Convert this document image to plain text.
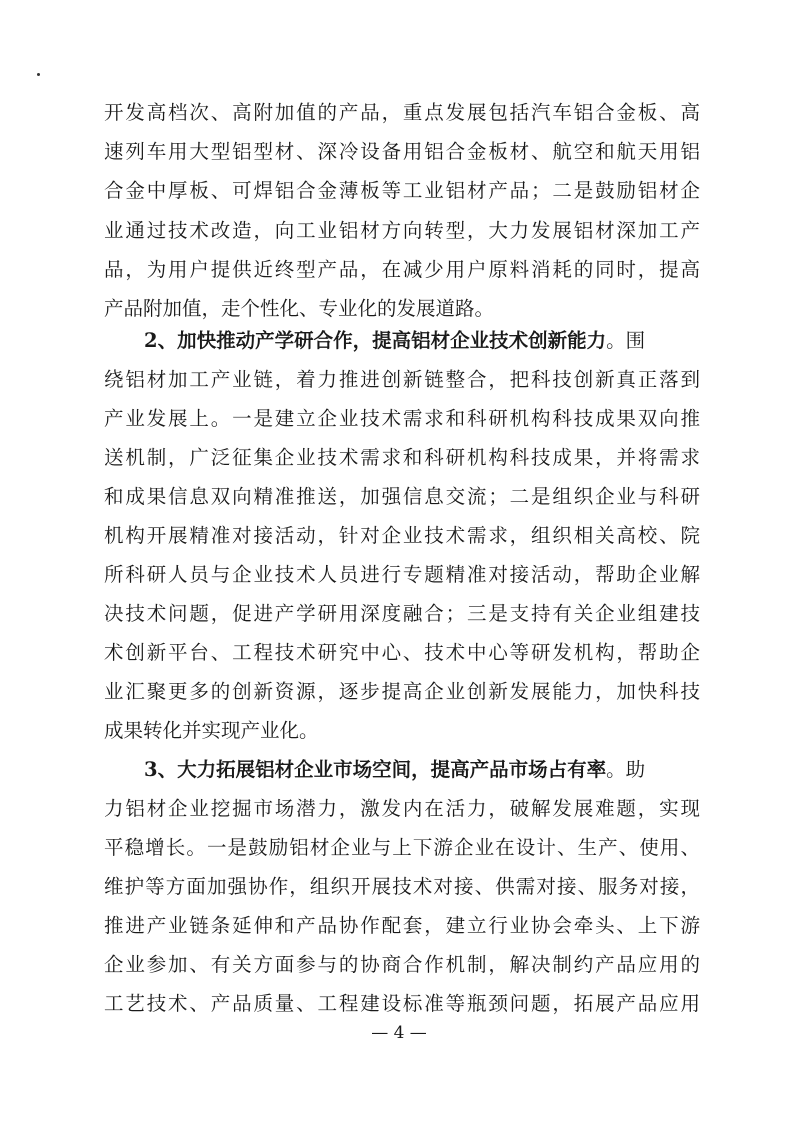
开发高档次、高附加值的产品，重点发展包括汽车铝合金板、高
速列车用大型铝型材、深冷设备用铝合金板材、航空和航天用铝
合金中厚板、可焊铝合金薄板等工业铝材产品；二是鼓励铝材企
业通过技术改造，向工业铝材方向转型，大力发展铝材深加工产
品，为用户提供近终型产品，在减少用户原料消耗的同时，提高
产品附加值，走个性化、专业化的发展道路。
2、加快推动产学研合作，提高铝材企业技术创新能力。围
绕铝材加工产业链，着力推进创新链整合，把科技创新真正落到
产业发展上。一是建立企业技术需求和科研机构科技成果双向推
送机制，广泛征集企业技术需求和科研机构科技成果，并将需求
和成果信息双向精准推送，加强信息交流；二是组织企业与科研
机构开展精准对接活动，针对企业技术需求，组织相关高校、院
所科研人员与企业技术人员进行专题精准对接活动，帮助企业解
决技术问题，促进产学研用深度融合；三是支持有关企业组建技
术创新平台、工程技术研究中心、技术中心等研发机构，帮助企
业汇聚更多的创新资源，逐步提高企业创新发展能力，加快科技
成果转化并实现产业化。
3、大力拓展铝材企业市场空间，提高产品市场占有率。助
力铝材企业挖掘市场潜力，激发内在活力，破解发展难题，实现
平稳增长。一是鼓励铝材企业与上下游企业在设计、生产、使用、
维护等方面加强协作，组织开展技术对接、供需对接、服务对接，
推进产业链条延伸和产品协作配套，建立行业协会牵头、上下游
企业参加、有关方面参与的协商合作机制，解决制约产品应用的
工艺技术、产品质量、工程建设标准等瓶颈问题，拓展产品应用
— 4 —
